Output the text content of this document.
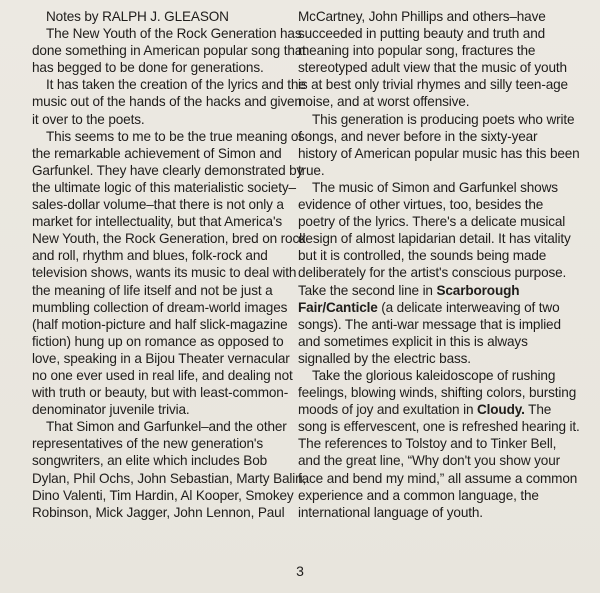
Notes by RALPH J. GLEASON

The New Youth of the Rock Generation has done something in American popular song that has begged to be done for generations.

It has taken the creation of the lyrics and the music out of the hands of the hacks and given it over to the poets.

This seems to me to be the true meaning of the remarkable achievement of Simon and Garfunkel. They have clearly demonstrated by the ultimate logic of this materialistic society–sales-dollar volume–that there is not only a market for intellectuality, but that America's New Youth, the Rock Generation, bred on rock and roll, rhythm and blues, folk-rock and television shows, wants its music to deal with the meaning of life itself and not be just a mumbling collection of dream-world images (half motion-picture and half slick-magazine fiction) hung up on romance as opposed to love, speaking in a Bijou Theater vernacular no one ever used in real life, and dealing not with truth or beauty, but with least-common-denominator juvenile trivia.

That Simon and Garfunkel–and the other representatives of the new generation's songwriters, an elite which includes Bob Dylan, Phil Ochs, John Sebastian, Marty Balin, Dino Valenti, Tim Hardin, Al Kooper, Smokey Robinson, Mick Jagger, John Lennon, Paul

McCartney, John Phillips and others–have succeeded in putting beauty and truth and meaning into popular song, fractures the stereotyped adult view that the music of youth is at best only trivial rhymes and silly teen-age noise, and at worst offensive.

This generation is producing poets who write songs, and never before in the sixty-year history of American popular music has this been true.

The music of Simon and Garfunkel shows evidence of other virtues, too, besides the poetry of the lyrics. There's a delicate musical design of almost lapidarian detail. It has vitality but it is controlled, the sounds being made deliberately for the artist's conscious purpose. Take the second line in Scarborough Fair/Canticle (a delicate interweaving of two songs). The anti-war message that is implied and sometimes explicit in this is always signalled by the electric bass.

Take the glorious kaleidoscope of rushing feelings, blowing winds, shifting colors, bursting moods of joy and exultation in Cloudy. The song is effervescent, one is refreshed hearing it. The references to Tolstoy and to Tinker Bell, and the great line, “Why don't you show your face and bend my mind,” all assume a common experience and a common language, the international language of youth.

3
